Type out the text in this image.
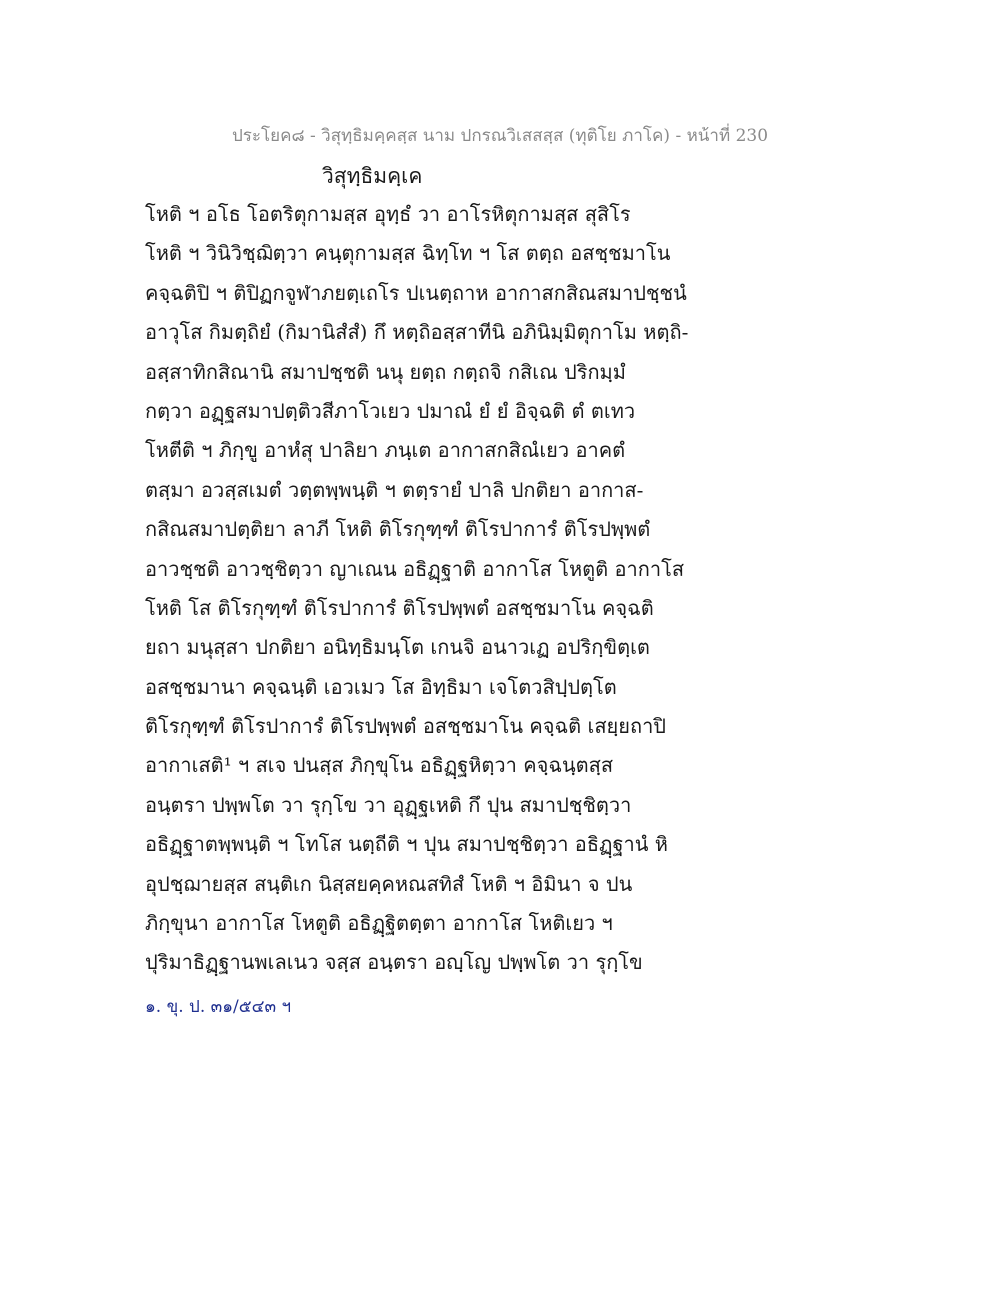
ประโยค๘ - วิสุทฺธิมคฺคสฺส นาม ปกรณวิเสสสฺส (ทุติโย ภาโค) - หน้าที่ 230
วิสุทฺธิมคฺเค
โหติ ฯ อโธ โอตริตุกามสฺส อุทฺธํ วา อาโรหิตุกามสฺส สุสิโร
โหติ ฯ วินิวิชฺฌิตฺวา คนฺตุกามสฺส ฉิทฺโท ฯ โส ตตฺถ อสชฺชมาโน
คจฺฉติปิ ฯ ติปิฏกจูฬาภยตฺเถโร ปเนตฺถาห อากาสกสิณสมาปชฺชนํ
อาวุโส กิมตฺถิยํ (กิมานิสํสํ) กึ หตฺถิอสฺสาทีนิ อภินิมฺมิตุกาโม หตฺถิ-
อสฺสาทิกสิณานิ สมาปชฺชติ นนุ ยตฺถ กตฺถจิ กสิเณ ปริกมฺมํ
กตฺวา อฏฺฐสมาปตฺติวสีภาโวเยว ปมาณํ ยํ ยํ อิจฺฉติ ตํ ตเทว
โหตีติ ฯ ภิกฺขู อาหํสุ ปาลิยา ภนฺเต อากาสกสิณํเยว อาคตํ
ตสฺมา อวสฺสเมตํ วตฺตพฺพนฺติ ฯ ตตฺรายํ ปาลิ ปกติยา อากาส-
กสิณสมาปตฺติยา ลาภี โหติ ติโรกุฑฺฑํ ติโรปาการํ ติโรปพฺพตํ
อาวชฺชติ อาวชฺชิตฺวา ญาเณน อธิฏฺฐาติ อากาโส โหตูติ อากาโส
โหติ โส ติโรกุฑฺฑํ ติโรปาการํ ติโรปพฺพตํ อสชฺชมาโน คจฺฉติ
ยถา มนุสฺสา ปกติยา อนิทฺธิมนฺโต เกนจิ อนาวเฏ อปริกฺขิตฺเต
อสชฺชมานา คจฺฉนฺติ เอวเมว โส อิทฺธิมา เจโตวสิปฺปตฺโต
ติโรกุฑฺฑํ ติโรปาการํ ติโรปพฺพตํ อสชฺชมาโน คจฺฉติ เสยฺยถาปิ
อากาเสติ¹ ฯ สเจ ปนสฺส ภิกฺขุโน อธิฏฺฐหิตฺวา คจฺฉนฺตสฺส
อนฺตรา ปพฺพโต วา รุกฺโข วา อุฏฺฐเหติ กึ ปุน สมาปชฺชิตฺวา
อธิฏฺฐาตพฺพนฺติ ฯ โทโส นตฺถีติ ฯ ปุน สมาปชฺชิตฺวา อธิฏฺฐานํ หิ
อุปชฺฌายสฺส สนฺติเก นิสฺสยคฺคหณสทิสํ โหติ ฯ อิมินา จ ปน
ภิกฺขุนา อากาโส โหตูติ อธิฏฺฐิตตฺตา อากาโส โหติเยว ฯ
ปุริมาธิฏฺฐานพเลเนว จสฺส อนฺตรา อญฺโญ ปพฺพโต วา รุกฺโข
๑. ขุ. ป. ๓๑/๕๔๓ ฯ
